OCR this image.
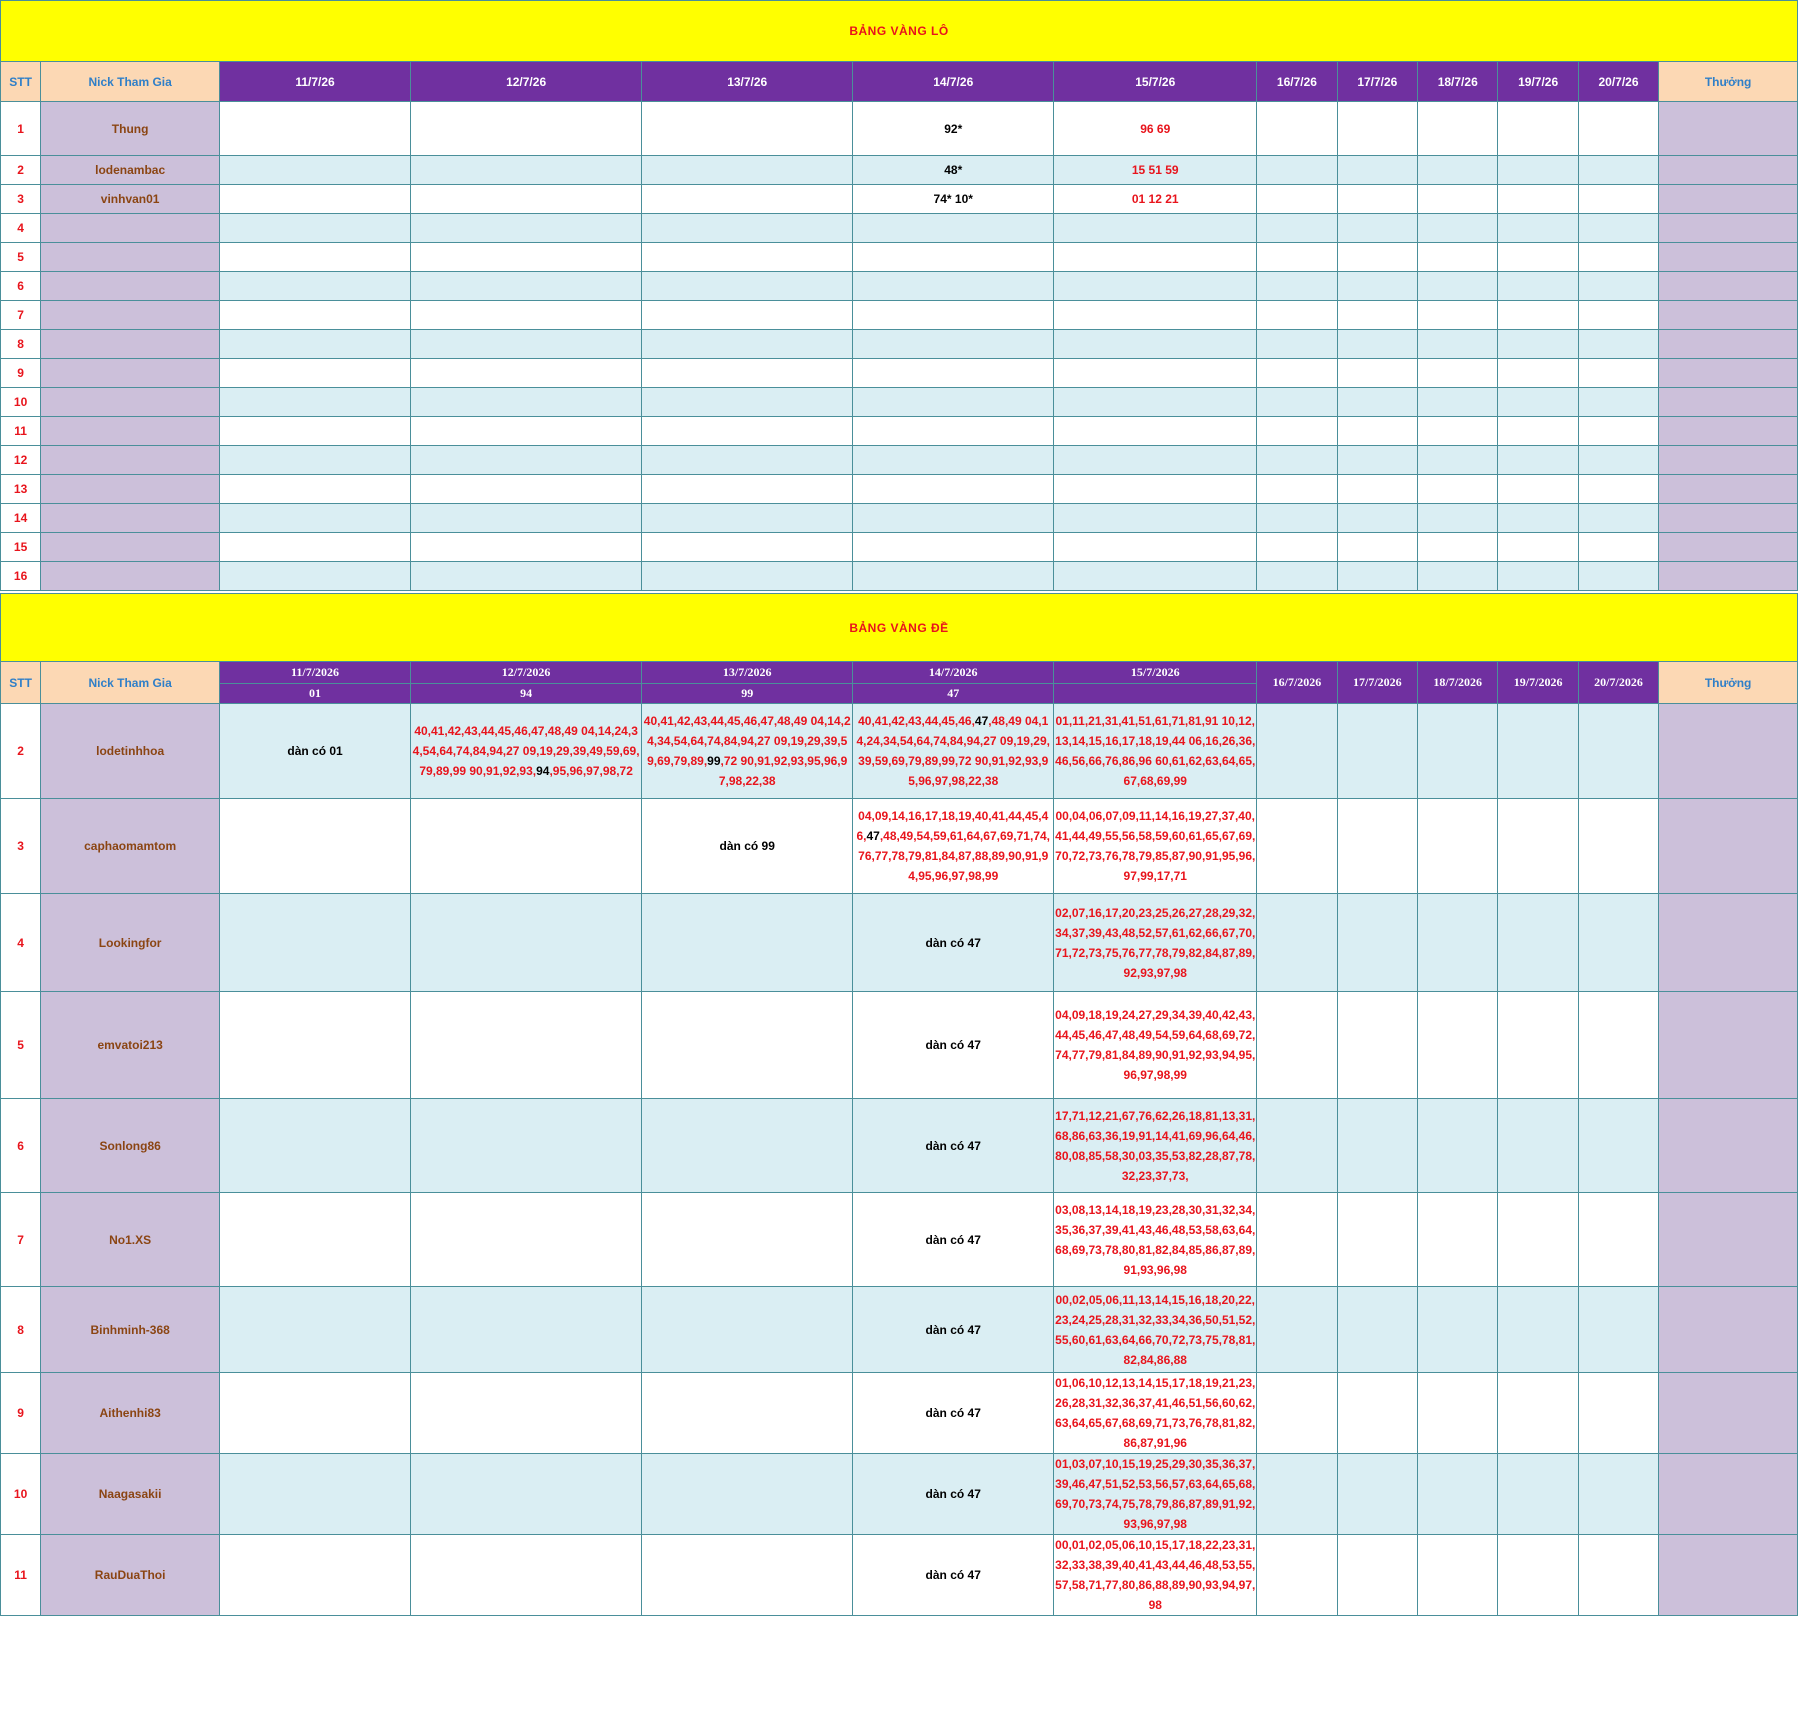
BẢNG VÀNG LÔ												
STT	Nick Tham Gia	11/7/26	12/7/26	13/7/26	14/7/26	15/7/26	16/7/26	17/7/26	18/7/26	19/7/26	20/7/26	Thưởng
1	Thung				92*	96 69						
2	lodenambac				48*	15 51 59						
3	vinhvan01				74* 10*	01 12 21						
4												
5												
6												
7												
8												
9												
10												
11												
12												
13												
14												
15												
16												
BẢNG VÀNG ĐỀ												
STT	Nick Tham Gia	11/7/2026	12/7/2026	13/7/2026	14/7/2026	15/7/2026	16/7/2026	17/7/2026	18/7/2026	19/7/2026	20/7/2026	Thưởng
		01	94	99	47							
2	lodetinhhoa	dàn có 01	40,41,42,43,44,45,46,47,48,49 04,14,24,34,54,64,74,84,94,27 09,19,29,39,49,59,69,79,89,99 90,91,92,93,94,95,96,97,98,72	40,41,42,43,44,45,46,47,48,49 04,14,24,34,54,64,74,84,94,27 09,19,29,39,59,69,79,89,99,72 90,91,92,93,95,96,97,98,22,38	40,41,42,43,44,45,46,47,48,49 04,14,24,34,54,64,74,84,94,27 09,19,29,39,59,69,79,89,99,72 90,91,92,93,95,96,97,98,22,38	01,11,21,31,41,51,61,71,81,91 10,12,13,14,15,16,17,18,19,44 06,16,26,36,46,56,66,76,86,96 60,61,62,63,64,65,67,68,69,99						
3	caphaomamtom			dàn có 99	04,09,14,16,17,18,19,40,41,44,45,46,47,48,49,54,59,61,64,67,69,71,74,76,77,78,79,81,84,87,88,89,90,91,94,95,96,97,98,99	00,04,06,07,09,11,14,16,19,27,37,40,41,44,49,55,56,58,59,60,61,65,67,69,70,72,73,76,78,79,85,87,90,91,95,96,97,99,17,71						
4	Lookingfor				dàn có 47	02,07,16,17,20,23,25,26,27,28,29,32,34,37,39,43,48,52,57,61,62,66,67,70,71,72,73,75,76,77,78,79,82,84,87,89,92,93,97,98						
5	emvatoi213				dàn có 47	04,09,18,19,24,27,29,34,39,40,42,43,44,45,46,47,48,49,54,59,64,68,69,72,74,77,79,81,84,89,90,91,92,93,94,95,96,97,98,99						
6	Sonlong86				dàn có 47	17,71,12,21,67,76,62,26,18,81,13,31,68,86,63,36,19,91,14,41,69,96,64,46,80,08,85,58,30,03,35,53,82,28,87,78,32,23,37,73,						
7	No1.XS				dàn có 47	03,08,13,14,18,19,23,28,30,31,32,34,35,36,37,39,41,43,46,48,53,58,63,64,68,69,73,78,80,81,82,84,85,86,87,89,91,93,96,98						
8	Binhminh-368				dàn có 47	00,02,05,06,11,13,14,15,16,18,20,22,23,24,25,28,31,32,33,34,36,50,51,52,55,60,61,63,64,66,70,72,73,75,78,81,82,84,86,88						
9	Aithenhi83				dàn có 47	01,06,10,12,13,14,15,17,18,19,21,23,26,28,31,32,36,37,41,46,51,56,60,62,63,64,65,67,68,69,71,73,76,78,81,82,86,87,91,96						
10	Naagasakii				dàn có 47	01,03,07,10,15,19,25,29,30,35,36,37,39,46,47,51,52,53,56,57,63,64,65,68,69,70,73,74,75,78,79,86,87,89,91,92,93,96,97,98						
11	RauDuaThoi				dàn có 47	00,01,02,05,06,10,15,17,18,22,23,31,32,33,38,39,40,41,43,44,46,48,53,55,57,58,71,77,80,86,88,89,90,93,94,97,98						
